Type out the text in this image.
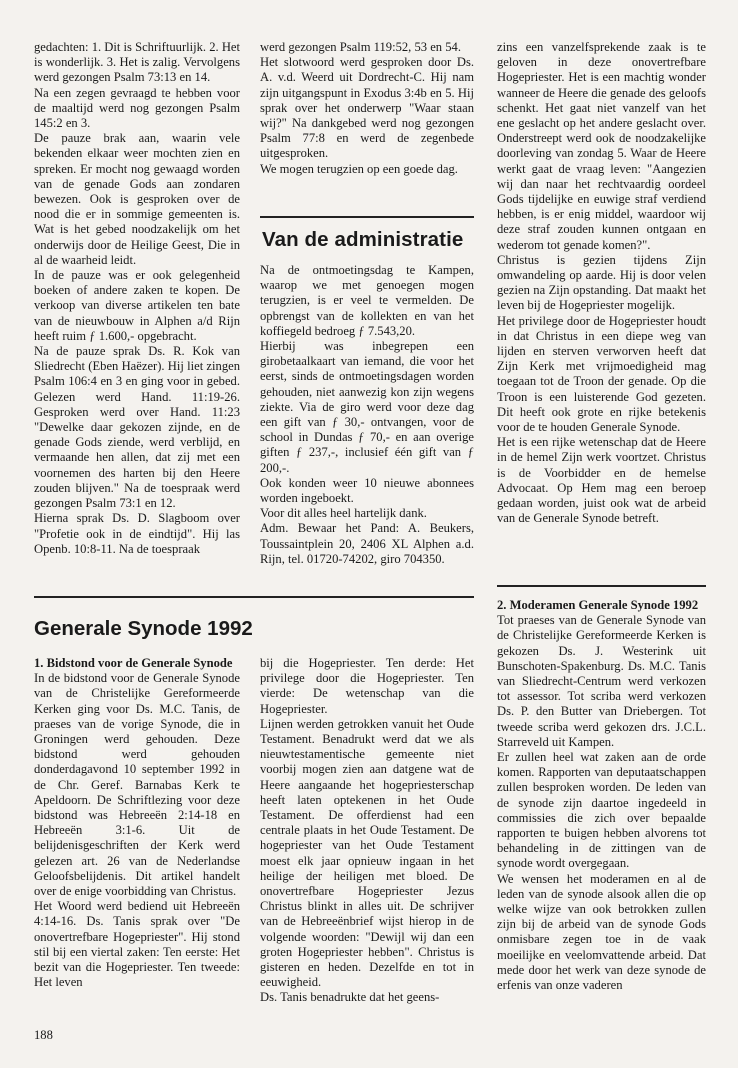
gedachten: 1. Dit is Schriftuurlijk. 2. Het is wonderlijk. 3. Het is zalig. Vervolgens werd gezongen Psalm 73:13 en 14.

Na een zegen gevraagd te hebben voor de maaltijd werd nog gezongen Psalm 145:2 en 3.

De pauze brak aan, waarin vele bekenden elkaar weer mochten zien en spreken. Er mocht nog gewaagd worden van de genade Gods aan zondaren bewezen. Ook is gesproken over de nood die er in sommige gemeenten is. Wat is het gebed noodzakelijk om het onderwijs door de Heilige Geest, Die in al de waarheid leidt.

In de pauze was er ook gelegenheid boeken of andere zaken te kopen. De verkoop van diverse artikelen ten bate van de nieuwbouw in Alphen a/d Rijn heeft ruim ƒ 1.600,- opgebracht.

Na de pauze sprak Ds. R. Kok van Sliedrecht (Eben Haëzer). Hij liet zingen Psalm 106:4 en 3 en ging voor in gebed. Gelezen werd Hand. 11:19-26. Gesproken werd over Hand. 11:23 "Dewelke daar gekozen zijnde, en de genade Gods ziende, werd verblijd, en vermaande hen allen, dat zij met een voornemen des harten bij den Heere zouden blijven." Na de toespraak werd gezongen Psalm 73:1 en 12.

Hierna sprak Ds. D. Slagboom over "Profetie ook in de eindtijd". Hij las Openb. 10:8-11. Na de toespraak

werd gezongen Psalm 119:52, 53 en 54.

Het slotwoord werd gesproken door Ds. A. v.d. Weerd uit Dordrecht-C. Hij nam zijn uitgangspunt in Exodus 3:4b en 5. Hij sprak over het onderwerp "Waar staan wij?" Na dankgebed werd nog gezongen Psalm 77:8 en werd de zegenbede uitgesproken.

We mogen terugzien op een goede dag.

Van de administratie

Na de ontmoetingsdag te Kampen, waarop we met genoegen mogen terugzien, is er veel te vermelden. De opbrengst van de kollekten en van het koffiegeld bedroeg ƒ 7.543,20.

Hierbij was inbegrepen een girobetaalkaart van iemand, die voor het eerst, sinds de ontmoetingsdagen worden gehouden, niet aanwezig kon zijn wegens ziekte. Via de giro werd voor deze dag een gift van ƒ 30,- ontvangen, voor de school in Dundas ƒ 70,- en aan overige giften ƒ 237,-, inclusief één gift van ƒ 200,-.

Ook konden weer 10 nieuwe abonnees worden ingeboekt.

Voor dit alles heel hartelijk dank.

Adm. Bewaar het Pand: A. Beukers, Toussaintplein 20, 2406 XL Alphen a.d. Rijn, tel. 01720-74202, giro 704350.

zins een vanzelfsprekende zaak is te geloven in deze onovertrefbare Hogepriester. Het is een machtig wonder wanneer de Heere die genade des geloofs schenkt. Het gaat niet vanzelf van het ene geslacht op het andere geslacht over. Onderstreept werd ook de noodzakelijke doorleving van zondag 5. Waar de Heere werkt gaat de vraag leven: "Aangezien wij dan naar het rechtvaardig oordeel Gods tijdelijke en euwige straf verdiend hebben, is er enig middel, waardoor wij deze straf zouden kunnen ontgaan en wederom tot genade komen?".

Christus is gezien tijdens Zijn omwandeling op aarde. Hij is door velen gezien na Zijn opstanding. Dat maakt het leven bij de Hogepriester mogelijk.

Het privilege door de Hogepriester houdt in dat Christus in een diepe weg van lijden en sterven verworven heeft dat Zijn Kerk met vrijmoedigheid mag toegaan tot de Troon der genade. Op die Troon is een luisterende God gezeten. Dit heeft ook grote en rijke betekenis voor de te houden Generale Synode.

Het is een rijke wetenschap dat de Heere in de hemel Zijn werk voortzet. Christus is de Voorbidder en de hemelse Advocaat. Op Hem mag een beroep gedaan worden, juist ook wat de arbeid van de Generale Synode betreft.

Generale Synode 1992

1. Bidstond voor de Generale Synode

In de bidstond voor de Generale Synode van de Christelijke Gereformeerde Kerken ging voor Ds. M.C. Tanis, de praeses van de vorige Synode, die in Groningen werd gehouden. Deze bidstond werd gehouden donderdagavond 10 september 1992 in de Chr. Geref. Barnabas Kerk te Apeldoorn. De Schriftlezing voor deze bidstond was Hebreeën 2:14-18 en Hebreeën 3:1-6. Uit de belijdenisgeschriften der Kerk werd gelezen art. 26 van de Nederlandse Geloofsbelijdenis. Dit artikel handelt over de enige voorbidding van Christus.

Het Woord werd bediend uit Hebreeën 4:14-16. Ds. Tanis sprak over "De onovertrefbare Hogepriester". Hij stond stil bij een viertal zaken: Ten eerste: Het bezit van die Hogepriester. Ten tweede: Het leven

bij die Hogepriester. Ten derde: Het privilege door die Hogepriester. Ten vierde: De wetenschap van die Hogepriester.

Lijnen werden getrokken vanuit het Oude Testament. Benadrukt werd dat we als nieuwtestamentische gemeente niet voorbij mogen zien aan datgene wat de Heere aangaande het hogepriesterschap heeft laten optekenen in het Oude Testament. De offerdienst had een centrale plaats in het Oude Testament. De hogepriester van het Oude Testament moest elk jaar opnieuw ingaan in het heilige der heiligen met bloed. De onovertrefbare Hogepriester Jezus Christus blinkt in alles uit. De schrijver van de Hebreeënbrief wijst hierop in de volgende woorden: "Dewijl wij dan een groten Hogepriester hebben". Christus is gisteren en heden. Dezelfde en tot in eeuwigheid.

Ds. Tanis benadrukte dat het geens-

2. Moderamen Generale Synode 1992

Tot praeses van de Generale Synode van de Christelijke Gereformeerde Kerken is gekozen Ds. J. Westerink uit Bunschoten-Spakenburg. Ds. M.C. Tanis van Sliedrecht-Centrum werd verkozen tot assessor. Tot scriba werd verkozen Ds. P. den Butter van Driebergen. Tot tweede scriba werd gekozen drs. J.C.L. Starreveld uit Kampen.

Er zullen heel wat zaken aan de orde komen. Rapporten van deputaatschappen zullen besproken worden. De leden van de synode zijn daartoe ingedeeld in commissies die zich over bepaalde rapporten te buigen hebben alvorens tot behandeling in de zittingen van de synode wordt overgegaan.

We wensen het moderamen en al de leden van de synode alsook allen die op welke wijze van ook betrokken zullen zijn bij de arbeid van de synode Gods onmisbare zegen toe in de vaak moeilijke en veelomvattende arbeid. Dat mede door het werk van deze synode de erfenis van onze vaderen

188
